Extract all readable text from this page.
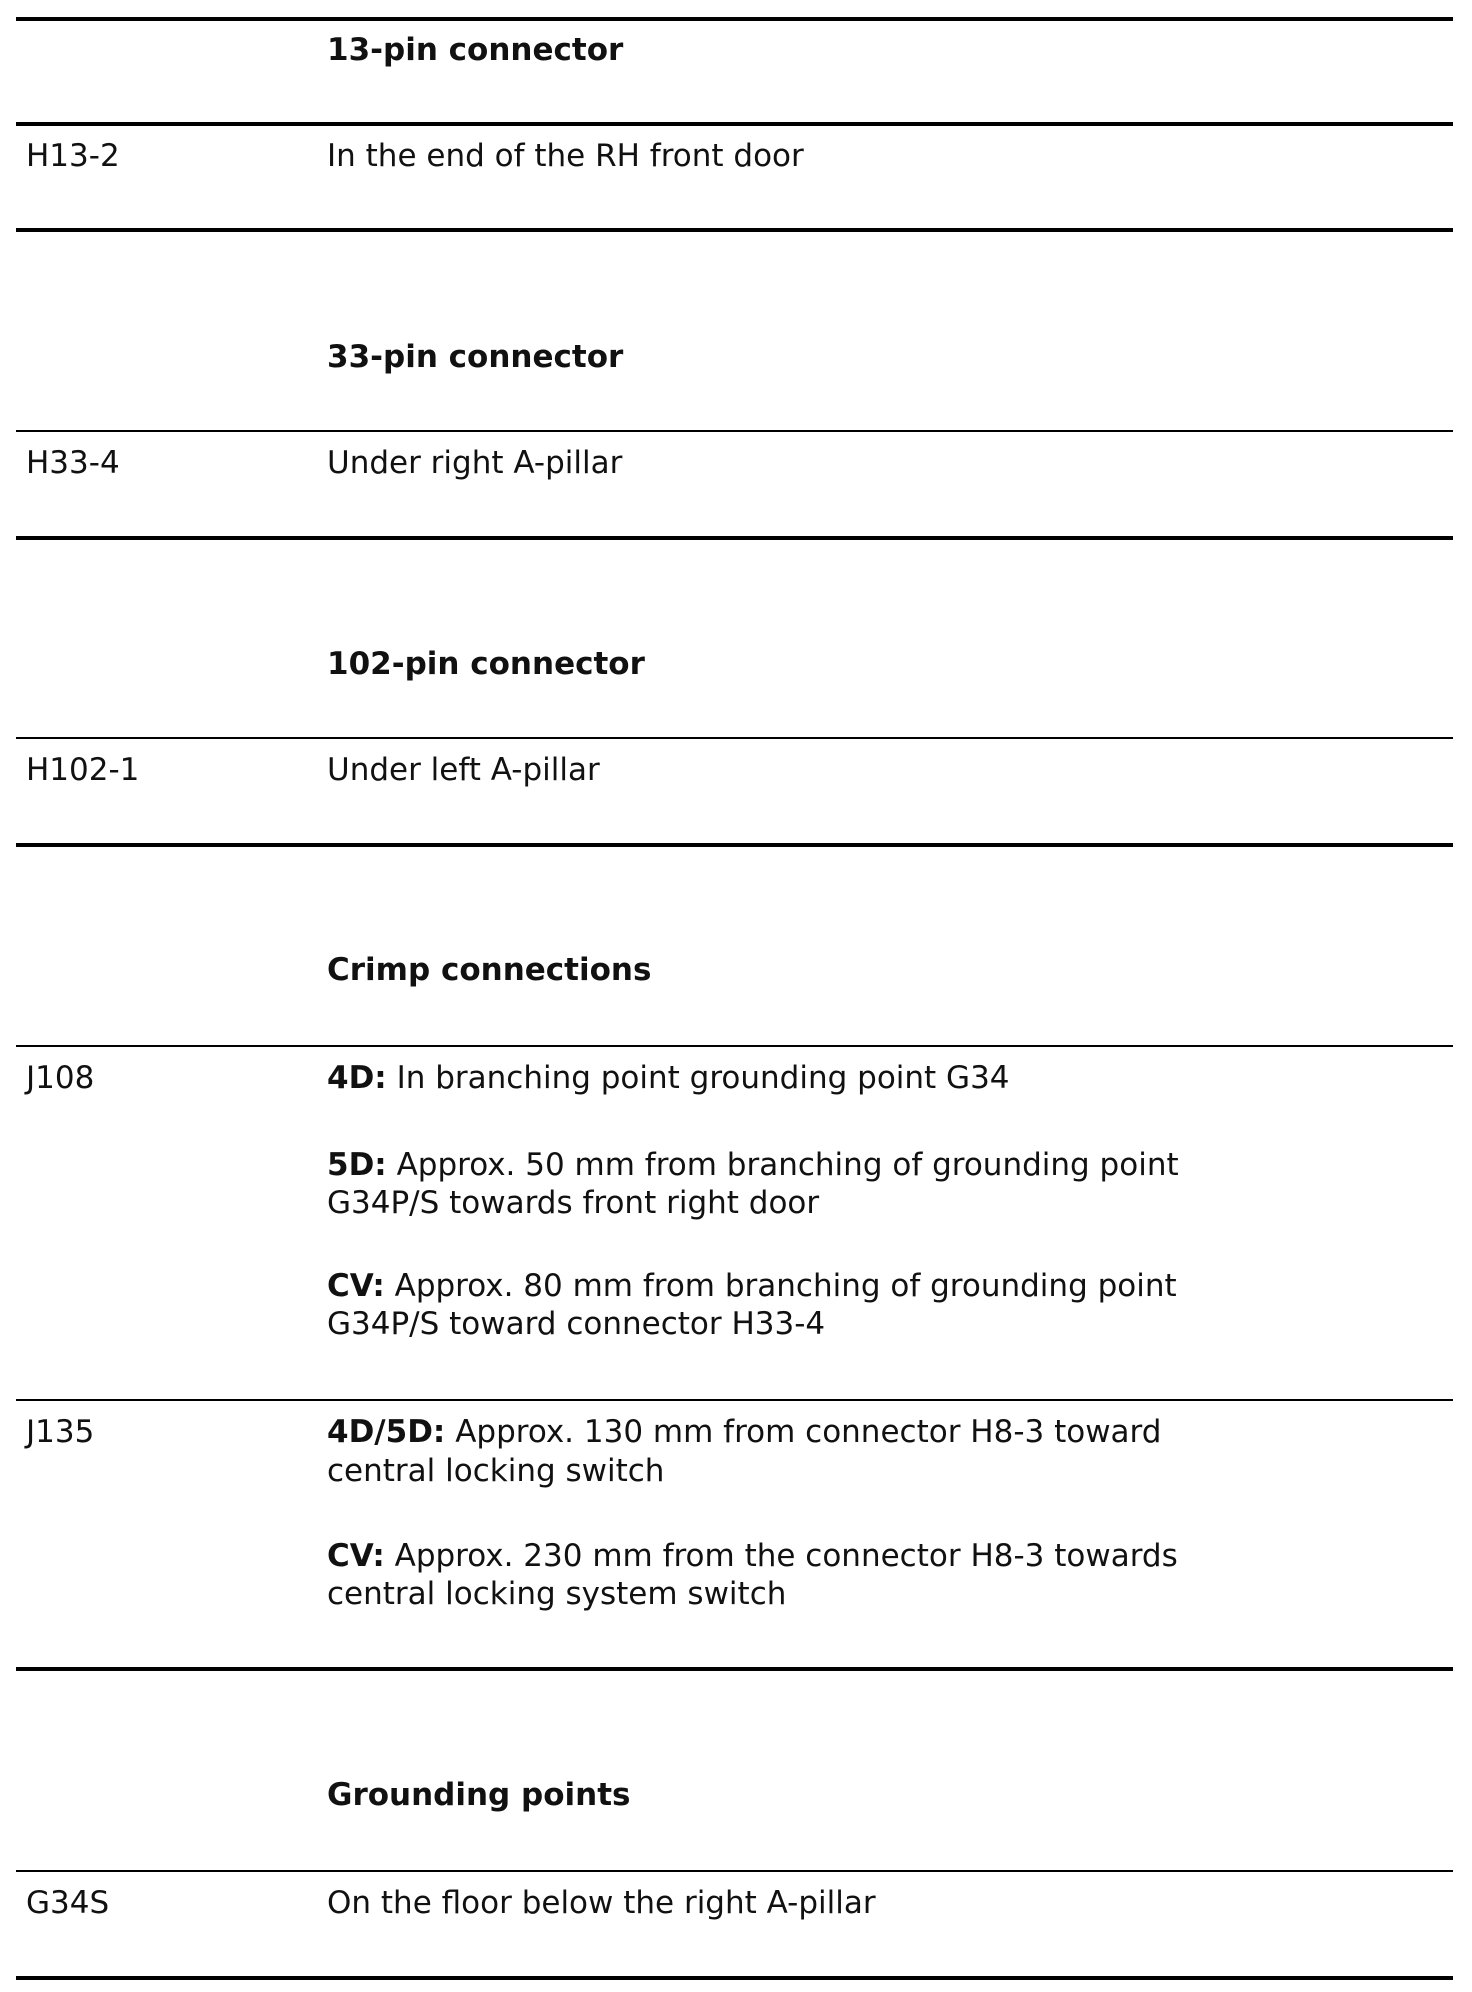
13-pin connector
H13-2	In the end of the RH front door
33-pin connector
H33-4	Under right A-pillar
102-pin connector
H102-1	Under left A-pillar
Crimp connections
J108	4D: In branching point grounding point G34
5D: Approx. 50 mm from branching of grounding point
G34P/S towards front right door
CV: Approx. 80 mm from branching of grounding point
G34P/S toward connector H33-4
J135	4D/5D: Approx. 130 mm from connector H8-3 toward
central locking switch
CV: Approx. 230 mm from the connector H8-3 towards
central locking system switch
Grounding points
G34S	On the floor below the right A-pillar
